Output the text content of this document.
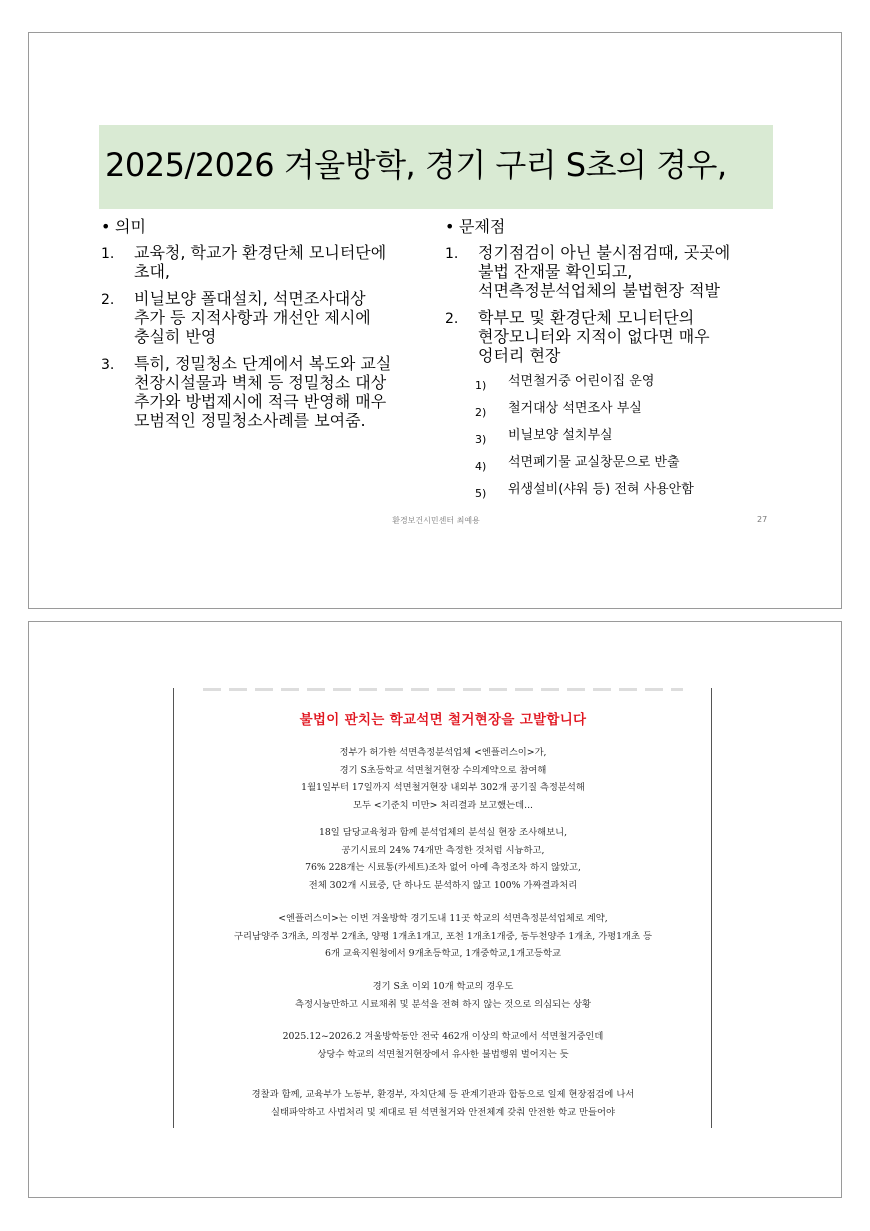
2025/2026 겨울방학, 경기 구리 S초의 경우,
• 의미
1.	교육청, 학교가 환경단체 모니터단에
초대,
2.	비닐보양 폴대설치, 석면조사대상
추가 등 지적사항과 개선안 제시에
충실히 반영
3.	특히, 정밀청소 단계에서 복도와 교실
천장시설물과 벽체 등 정밀청소 대상
추가와 방법제시에 적극 반영해 매우
모범적인 정밀청소사례를 보여줌.
• 문제점
1.	정기점검이 아닌 불시점검때, 곳곳에
불법 잔재물 확인되고,
석면측정분석업체의 불법현장 적발
2.	학부모 및 환경단체 모니터단의
현장모니터와 지적이 없다면 매우
엉터리 현장
1)	석면철거중 어린이집 운영
2)	철거대상 석면조사 부실
3)	비닐보양 설치부실
4)	석면폐기물 교실창문으로 반출
5)	위생설비(샤워 등) 전혀 사용안함
환경보건시민센터 최예용	27
불법이 판치는 학교석면 철거현장을 고발합니다
정부가 허가한 석면측정분석업체 <엔플러스이>가,
경기 S초등학교 석면철거현장 수의계약으로 참여해
1월1일부터 17일까지 석면철거현장 내외부 302개 공기질 측정분석해
모두 <기준치 미만> 처리결과 보고했는데...
18일 담당교육청과 함께 분석업체의 분석실 현장 조사해보니,
공기시료의 24% 74개만 측정한 것처럼 시늉하고,
76% 228개는 시료통(카세트)조차 없어 아예 측정조차 하지 않았고,
전체 302개 시료중, 단 하나도 분석하지 않고 100% 가짜결과처리
<엔플러스이>는 이번 겨울방학 경기도내 11곳 학교의 석면측정분석업체로 계약,
구리남양주 3개초, 의정부 2개초, 양평 1개초1개고, 포천 1개초1개중, 동두천양주 1개초, 가평1개초 등
6개 교육지원청에서 9개초등학교, 1개중학교,1개고등학교
경기 S초 이외 10개 학교의 경우도
측정시늉만하고 시료채취 및 분석을 전혀 하지 않는 것으로 의심되는 상황
2025.12~2026.2 겨울방학동안 전국 462개 이상의 학교에서 석면철거중인데
상당수 학교의 석면철거현장에서 유사한 불법행위 벌어지는 듯
경찰과 함께, 교육부가 노동부, 환경부, 자치단체 등 관계기관과 합동으로 일제 현장점검에 나서
실태파악하고 사법처리 및 제대로 된 석면철거와 안전체계 갖춰 안전한 학교 만들어야
